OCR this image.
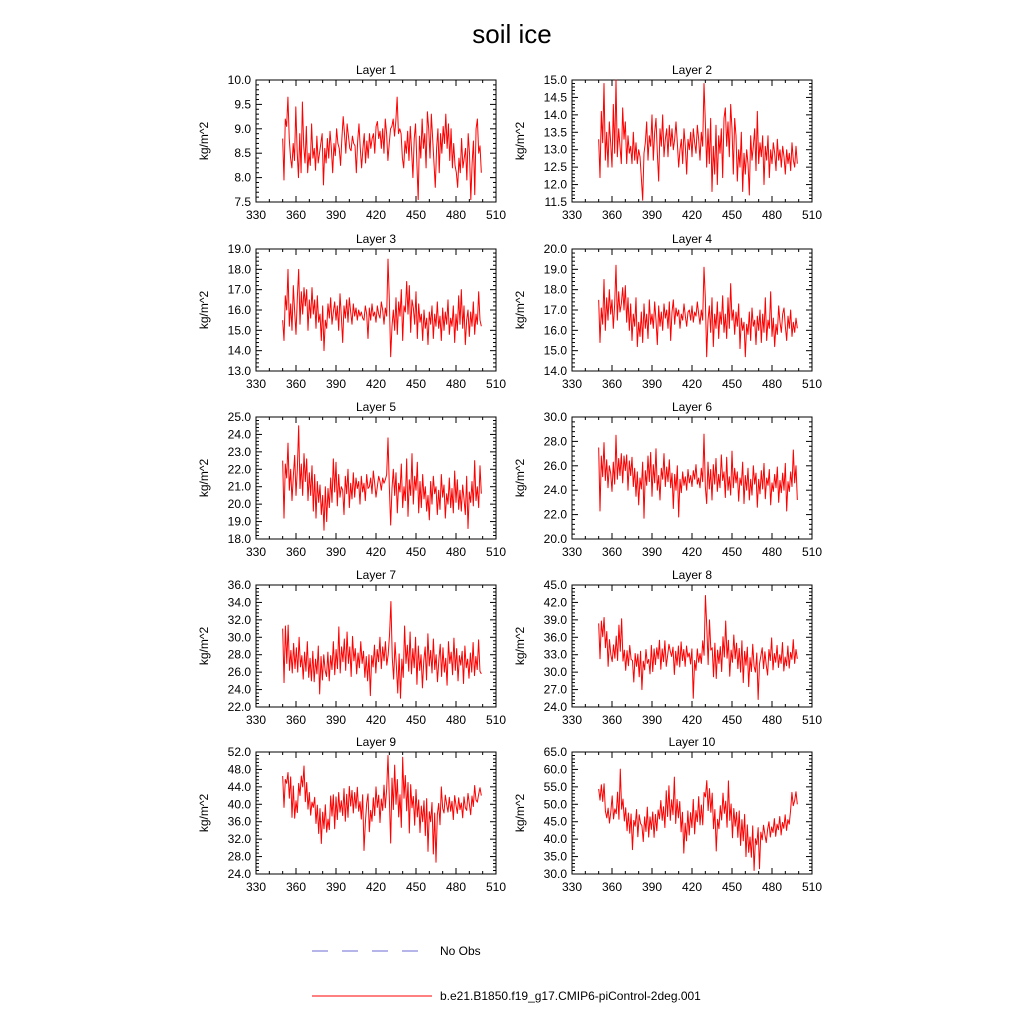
soil ice
Layer 1
kg/m^2
330 360 390 420 450 480 510
7.5
8.0
8.5
9.0
9.5
10.0
Layer 2
kg/m^2
330 360 390 420 450 480 510
11.5
12.0
12.5
13.0
13.5
14.0
14.5
15.0
Layer 3
kg/m^2
330 360 390 420 450 480 510
13.0
14.0
15.0
16.0
17.0
18.0
19.0
Layer 4
kg/m^2
330 360 390 420 450 480 510
14.0
15.0
16.0
17.0
18.0
19.0
20.0
Layer 5
kg/m^2
330 360 390 420 450 480 510
18.0
19.0
20.0
21.0
22.0
23.0
24.0
25.0
Layer 6
kg/m^2
330 360 390 420 450 480 510
20.0
22.0
24.0
26.0
28.0
30.0
Layer 7
kg/m^2
330 360 390 420 450 480 510
22.0
24.0
26.0
28.0
30.0
32.0
34.0
36.0
Layer 8
kg/m^2
330 360 390 420 450 480 510
24.0
27.0
30.0
33.0
36.0
39.0
42.0
45.0
Layer 9
kg/m^2
330 360 390 420 450 480 510
24.0
28.0
32.0
36.0
40.0
44.0
48.0
52.0
Layer 10
kg/m^2
330 360 390 420 450 480 510
30.0
35.0
40.0
45.0
50.0
55.0
60.0
65.0
No Obs
b.e21.B1850.f19_g17.CMIP6-piControl-2deg.001
